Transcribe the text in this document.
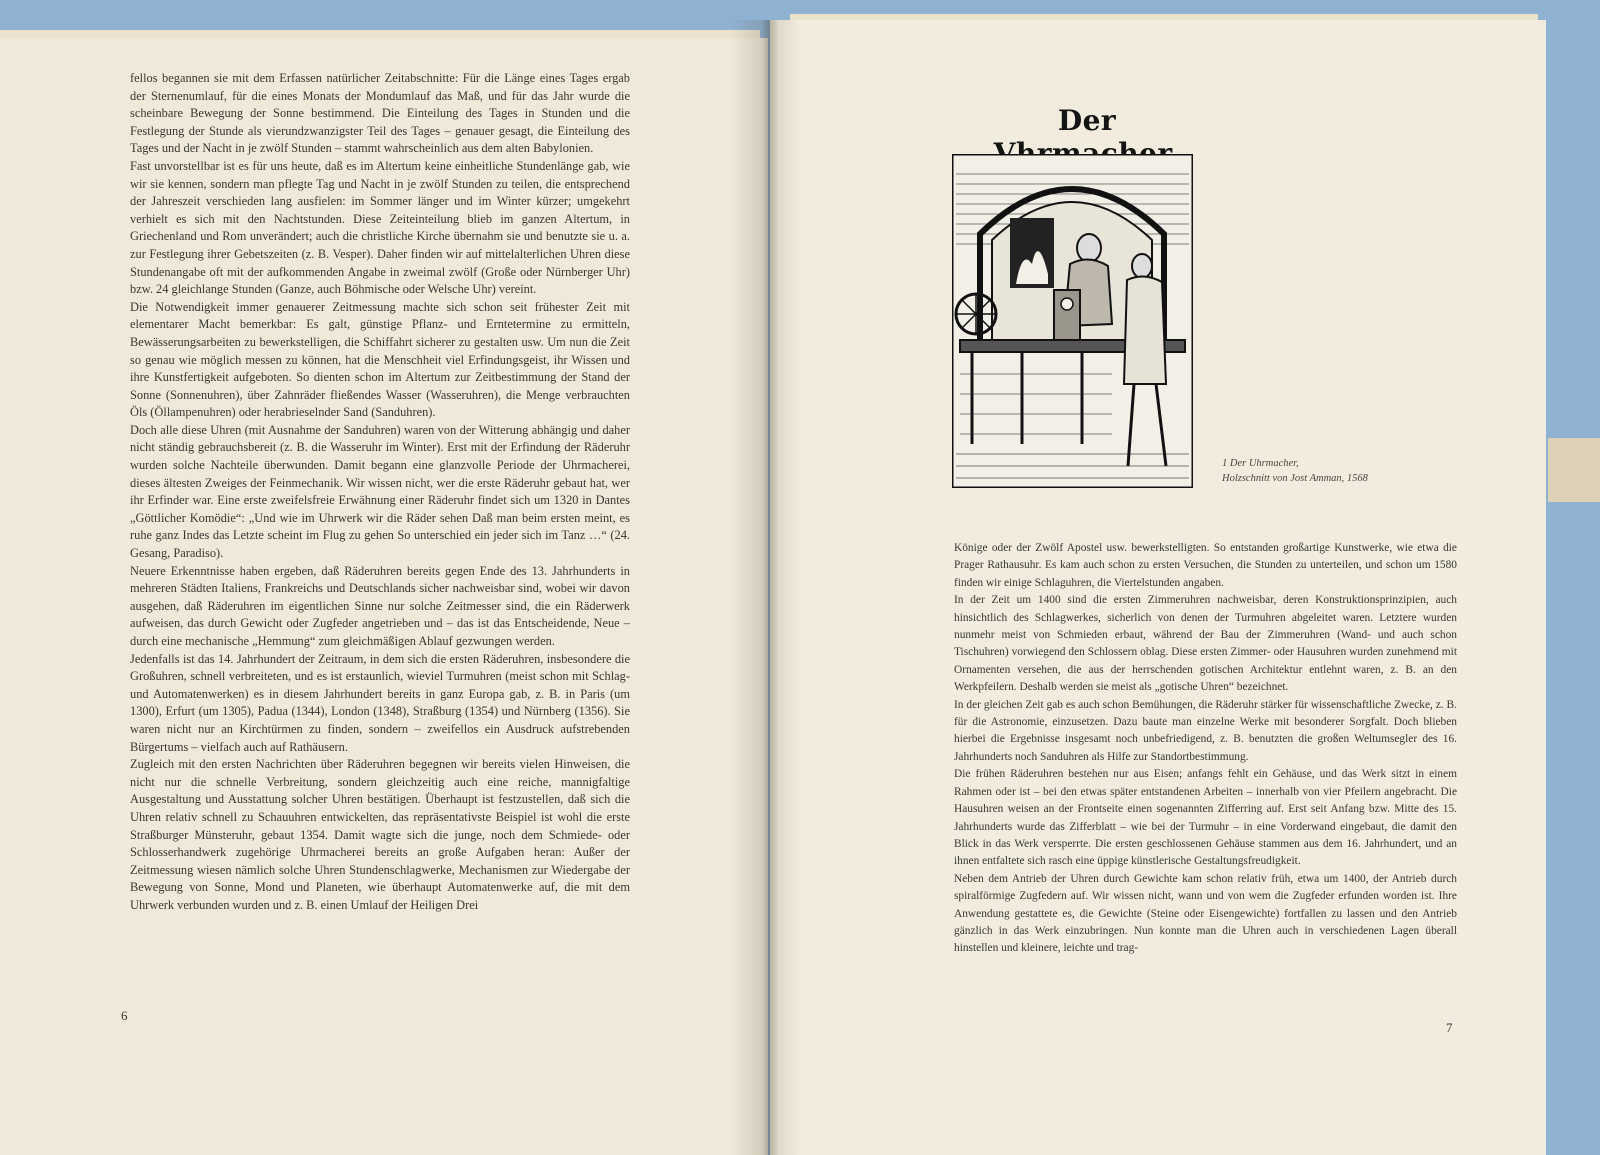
fellos begannen sie mit dem Erfassen natürlicher Zeitabschnitte: Für die Länge eines Tages ergab der Sternenumlauf, für die eines Monats der Mondumlauf das Maß, und für das Jahr wurde die scheinbare Bewegung der Sonne bestimmend. Die Einteilung des Tages in Stunden und die Festlegung der Stunde als vierundzwanzigster Teil des Tages – genauer gesagt, die Einteilung des Tages und der Nacht in je zwölf Stunden – stammt wahrscheinlich aus dem alten Babylonien.

Fast unvorstellbar ist es für uns heute, daß es im Altertum keine einheitliche Stundenlänge gab, wie wir sie kennen, sondern man pflegte Tag und Nacht in je zwölf Stunden zu teilen, die entsprechend der Jahreszeit verschieden lang ausfielen: im Sommer länger und im Winter kürzer; umgekehrt verhielt es sich mit den Nachtstunden. Diese Zeiteinteilung blieb im ganzen Altertum, in Griechenland und Rom unverändert; auch die christliche Kirche übernahm sie und benutzte sie u. a. zur Festlegung ihrer Gebetszeiten (z. B. Vesper). Daher finden wir auf mittelalterlichen Uhren diese Stundenangabe oft mit der aufkommenden Angabe in zweimal zwölf (Große oder Nürnberger Uhr) bzw. 24 gleichlange Stunden (Ganze, auch Böhmische oder Welsche Uhr) vereint.

Die Notwendigkeit immer genauerer Zeitmessung machte sich schon seit frühester Zeit mit elementarer Macht bemerkbar: Es galt, günstige Pflanz- und Erntetermine zu ermitteln, Bewässerungsarbeiten zu bewerkstelligen, die Schiffahrt sicherer zu gestalten usw. Um nun die Zeit so genau wie möglich messen zu können, hat die Menschheit viel Erfindungsgeist, ihr Wissen und ihre Kunstfertigkeit aufgeboten. So dienten schon im Altertum zur Zeitbestimmung der Stand der Sonne (Sonnenuhren), über Zahnräder fließendes Wasser (Wasseruhren), die Menge verbrauchten Öls (Öllampenuhren) oder herabrieselnder Sand (Sanduhren).

Doch alle diese Uhren (mit Ausnahme der Sanduhren) waren von der Witterung abhängig und daher nicht ständig gebrauchsbereit (z. B. die Wasseruhr im Winter). Erst mit der Erfindung der Räderuhr wurden solche Nachteile überwunden. Damit begann eine glanzvolle Periode der Uhrmacherei, dieses ältesten Zweiges der Feinmechanik. Wir wissen nicht, wer die erste Räderuhr gebaut hat, wer ihr Erfinder war. Eine erste zweifelsfreie Erwähnung einer Räderuhr findet sich um 1320 in Dantes „Göttlicher Komödie“: „Und wie im Uhrwerk wir die Räder sehen Daß man beim ersten meint, es ruhe ganz Indes das Letzte scheint im Flug zu gehen So unterschied ein jeder sich im Tanz …“ (24. Gesang, Paradiso).

Neuere Erkenntnisse haben ergeben, daß Räderuhren bereits gegen Ende des 13. Jahrhunderts in mehreren Städten Italiens, Frankreichs und Deutschlands sicher nachweisbar sind, wobei wir davon ausgehen, daß Räderuhren im eigentlichen Sinne nur solche Zeitmesser sind, die ein Räderwerk aufweisen, das durch Gewicht oder Zugfeder angetrieben und – das ist das Entscheidende, Neue – durch eine mechanische „Hemmung“ zum gleichmäßigen Ablauf gezwungen werden.

Jedenfalls ist das 14. Jahrhundert der Zeitraum, in dem sich die ersten Räderuhren, insbesondere die Großuhren, schnell verbreiteten, und es ist erstaunlich, wieviel Turmuhren (meist schon mit Schlag- und Automatenwerken) es in diesem Jahrhundert bereits in ganz Europa gab, z. B. in Paris (um 1300), Erfurt (um 1305), Padua (1344), London (1348), Straßburg (1354) und Nürnberg (1356). Sie waren nicht nur an Kirchtürmen zu finden, sondern – zweifellos ein Ausdruck aufstrebenden Bürgertums – vielfach auch auf Rathäusern.

Zugleich mit den ersten Nachrichten über Räderuhren begegnen wir bereits vielen Hinweisen, die nicht nur die schnelle Verbreitung, sondern gleichzeitig auch eine reiche, mannigfaltige Ausgestaltung und Ausstattung solcher Uhren bestätigen. Überhaupt ist festzustellen, daß sich die Uhren relativ schnell zu Schauuhren entwickelten, das repräsentativste Beispiel ist wohl die erste Straßburger Münsteruhr, gebaut 1354. Damit wagte sich die junge, noch dem Schmiede- oder Schlosserhandwerk zugehörige Uhrmacherei bereits an große Aufgaben heran: Außer der Zeitmessung wiesen nämlich solche Uhren Stundenschlagwerke, Mechanismen zur Wiedergabe der Bewegung von Sonne, Mond und Planeten, wie überhaupt Automatenwerke auf, die mit dem Uhrwerk verbunden wurden und z. B. einen Umlauf der Heiligen Drei

6
Der
1 Der Uhrmacher,
Holzschnitt von Jost Amman, 1568

Könige oder der Zwölf Apostel usw. bewerkstelligten. So entstanden großartige Kunstwerke, wie etwa die Prager Rathausuhr. Es kam auch schon zu ersten Versuchen, die Stunden zu unterteilen, und schon um 1580 finden wir einige Schlaguhren, die Viertelstunden angaben.

In der Zeit um 1400 sind die ersten Zimmeruhren nachweisbar, deren Konstruktionsprinzipien, auch hinsichtlich des Schlagwerkes, sicherlich von denen der Turmuhren abgeleitet waren. Letztere wurden nunmehr meist von Schmieden erbaut, während der Bau der Zimmeruhren (Wand- und auch schon Tischuhren) vorwiegend den Schlossern oblag. Diese ersten Zimmer- oder Hausuhren wurden zunehmend mit Ornamenten versehen, die aus der herrschenden gotischen Architektur entlehnt waren, z. B. an den Werkpfeilern. Deshalb werden sie meist als „gotische Uhren“ bezeichnet.

In der gleichen Zeit gab es auch schon Bemühungen, die Räderuhr stärker für wissenschaftliche Zwecke, z. B. für die Astronomie, einzusetzen. Dazu baute man einzelne Werke mit besonderer Sorgfalt. Doch blieben hierbei die Ergebnisse insgesamt noch unbefriedigend, z. B. benutzten die großen Weltumsegler des 16. Jahrhunderts noch Sanduhren als Hilfe zur Standortbestimmung.

Die frühen Räderuhren bestehen nur aus Eisen; anfangs fehlt ein Gehäuse, und das Werk sitzt in einem Rahmen oder ist – bei den etwas später entstandenen Arbeiten – innerhalb von vier Pfeilern angebracht. Die Hausuhren weisen an der Frontseite einen sogenannten Zifferring auf. Erst seit Anfang bzw. Mitte des 15. Jahrhunderts wurde das Zifferblatt – wie bei der Turmuhr – in eine Vorderwand eingebaut, die damit den Blick in das Werk versperrte. Die ersten geschlossenen Gehäuse stammen aus dem 16. Jahrhundert, und an ihnen entfaltete sich rasch eine üppige künstlerische Gestaltungsfreudigkeit.

Neben dem Antrieb der Uhren durch Gewichte kam schon relativ früh, etwa um 1400, der Antrieb durch spiralförmige Zugfedern auf. Wir wissen nicht, wann und von wem die Zugfeder erfunden worden ist. Ihre Anwendung gestattete es, die Gewichte (Steine oder Eisengewichte) fortfallen zu lassen und den Antrieb gänzlich in das Werk einzubringen. Nun konnte man die Uhren auch in verschiedenen Lagen überall hinstellen und kleinere, leichte und trag-

7
